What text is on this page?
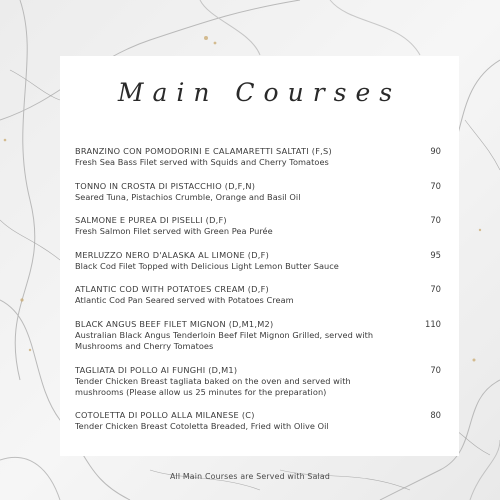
Main Courses
BRANZINO CON POMODORINI E CALAMARETTI SALTATI (F,S)	90
Fresh Sea Bass Filet served with Squids and Cherry Tomatoes
TONNO IN CROSTA DI PISTACCHIO (D,F,N)	70
Seared Tuna, Pistachios Crumble, Orange and Basil Oil
SALMONE E PUREA DI PISELLI (D,F)	70
Fresh Salmon Filet served with Green Pea Purée
MERLUZZO NERO D'ALASKA AL LIMONE (D,F)	95
Black Cod Filet Topped with Delicious Light Lemon Butter Sauce
ATLANTIC COD WITH POTATOES CREAM (D,F)	70
Atlantic Cod Pan Seared served with Potatoes Cream
BLACK ANGUS BEEF FILET MIGNON (D,M1,M2)	110
Australian Black Angus Tenderloin Beef Filet Mignon Grilled, served with Mushrooms and Cherry Tomatoes
TAGLIATA DI POLLO AI FUNGHI (D,M1)	70
Tender Chicken Breast tagliata baked on the oven and served with mushrooms (Please allow us 25 minutes for the preparation)
COTOLETTA DI POLLO ALLA MILANESE (C)	80
Tender Chicken Breast Cotoletta Breaded, Fried with Olive Oil
All Main Courses are Served with Salad
